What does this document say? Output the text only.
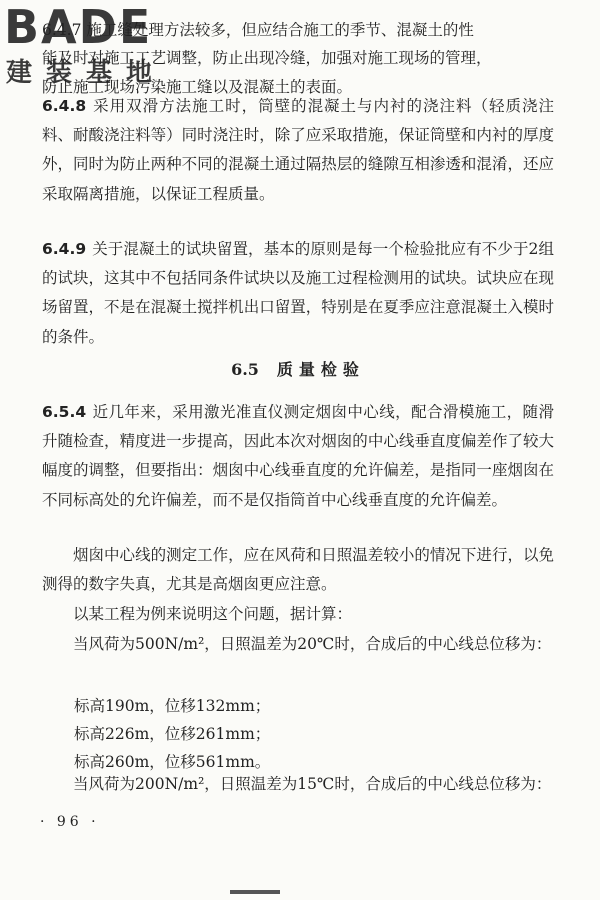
BADE
建装基地
6.4.7 施工缝处理方法较多，但应结合施工的季节、混凝土的性
能及时对施工工艺调整，防止出现冷缝，加强对施工现场的管理，
防止施工现场污染施工缝以及混凝土的表面。

6.4.8 采用双滑方法施工时，筒壁的混凝土与内衬的浇注料（轻质浇注料、耐酸浇注料等）同时浇注时，除了应采取措施，保证筒壁和内衬的厚度外，同时为防止两种不同的混凝土通过隔热层的缝隙互相渗透和混淆，还应采取隔离措施，以保证工程质量。

6.4.9 关于混凝土的试块留置，基本的原则是每一个检验批应有不少于2组的试块，这其中不包括同条件试块以及施工过程检测用的试块。试块应在现场留置，不是在混凝土搅拌机出口留置，特别是在夏季应注意混凝土入模时的条件。

6.5 质量检验

6.5.4 近几年来，采用激光准直仪测定烟囱中心线，配合滑模施工，随滑升随检查，精度进一步提高，因此本次对烟囱的中心线垂直度偏差作了较大幅度的调整，但要指出：烟囱中心线垂直度的允许偏差，是指同一座烟囱在不同标高处的允许偏差，而不是仅指筒首中心线垂直度的允许偏差。

烟囱中心线的测定工作，应在风荷和日照温差较小的情况下进行，以免测得的数字失真，尤其是高烟囱更应注意。

以某工程为例来说明这个问题，据计算：

当风荷为500N/m²，日照温差为20℃时，合成后的中心线总位移为：

标高190m，位移132mm；
标高226m，位移261mm；
标高260m，位移561mm。

当风荷为200N/m²，日照温差为15℃时，合成后的中心线总位移为：

· 96 ·
